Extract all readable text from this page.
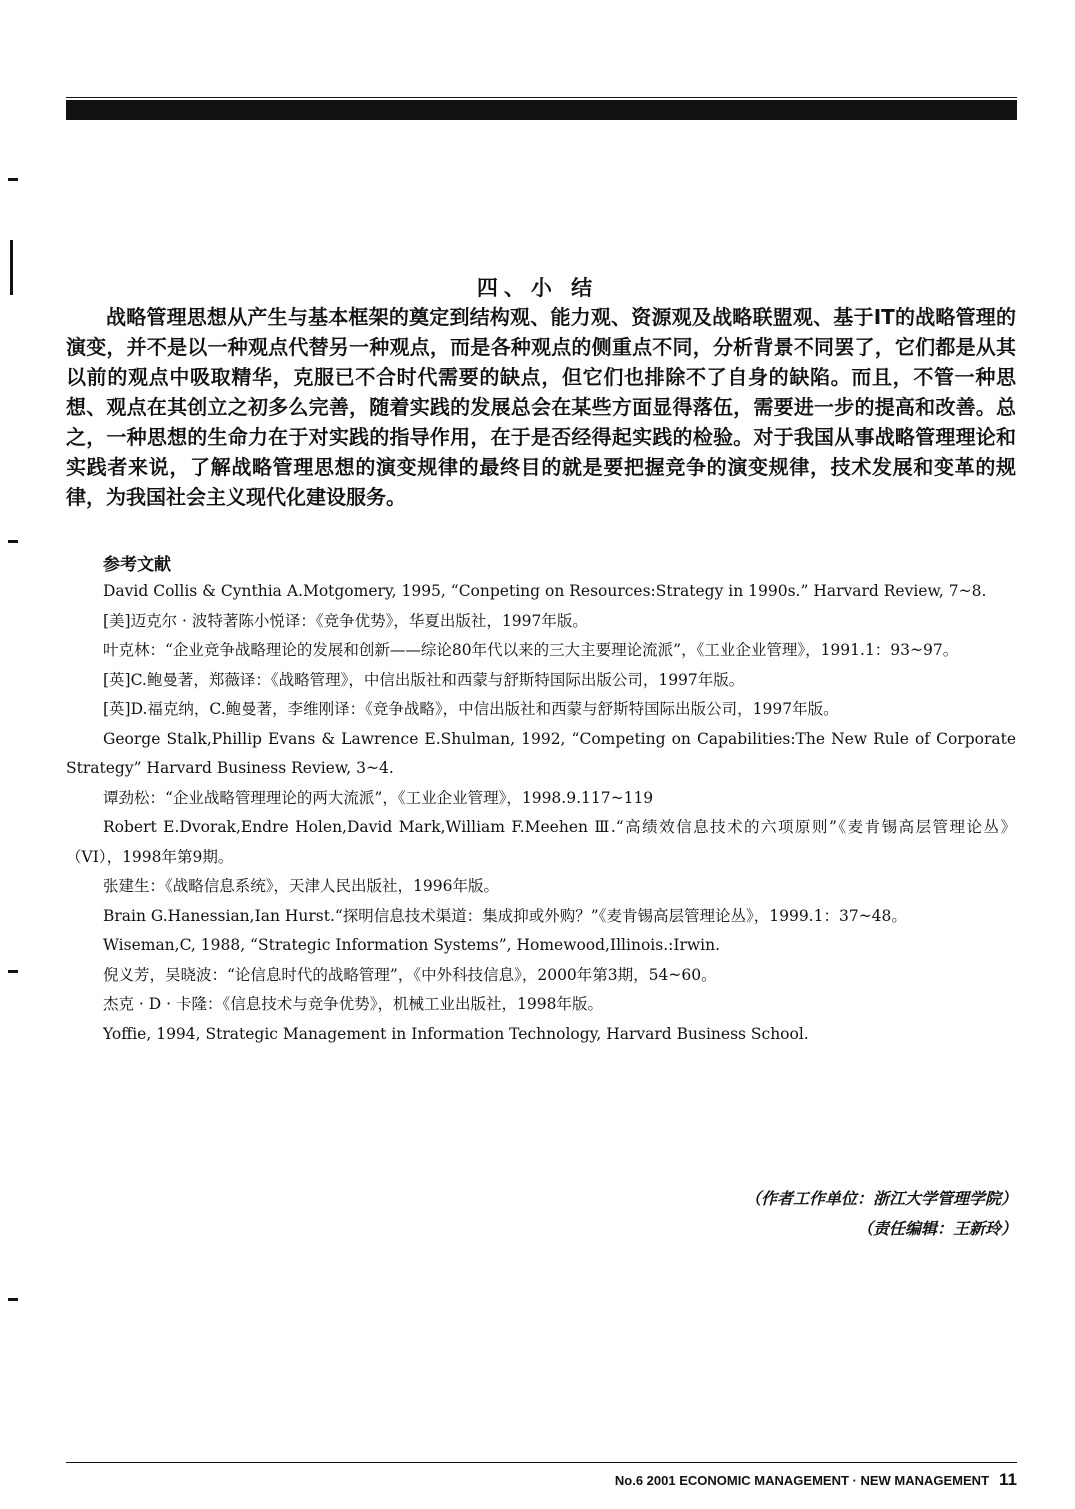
四、小 结

战略管理思想从产生与基本框架的奠定到结构观、能力观、资源观及战略联盟观、基于IT的战略管理的演变，并不是以一种观点代替另一种观点，而是各种观点的侧重点不同，分析背景不同罢了，它们都是从其以前的观点中吸取精华，克服已不合时代需要的缺点，但它们也排除不了自身的缺陷。而且，不管一种思想、观点在其创立之初多么完善，随着实践的发展总会在某些方面显得落伍，需要进一步的提高和改善。总之，一种思想的生命力在于对实践的指导作用，在于是否经得起实践的检验。对于我国从事战略管理理论和实践者来说，了解战略管理思想的演变规律的最终目的就是要把握竞争的演变规律，技术发展和变革的规律，为我国社会主义现代化建设服务。

参考文献

David Collis & Cynthia A.Motgomery, 1995, “Conpeting on Resources:Strategy in 1990s.” Harvard Review, 7~8.

[美]迈克尔 · 波特著陈小悦译：《竞争优势》，华夏出版社，1997年版。

叶克林：“企业竞争战略理论的发展和创新——综论80年代以来的三大主要理论流派”，《工业企业管理》，1991.1：93~97。

[英]C.鲍曼著，郑薇译：《战略管理》，中信出版社和西蒙与舒斯特国际出版公司，1997年版。

[英]D.福克纳，C.鲍曼著，李维刚译：《竞争战略》，中信出版社和西蒙与舒斯特国际出版公司，1997年版。

George Stalk,Phillip Evans & Lawrence E.Shulman, 1992, “Competing on Capabilities:The New Rule of Corporate Strategy” Harvard Business Review, 3~4.

谭劲松：“企业战略管理理论的两大流派”，《工业企业管理》，1998.9.117~119

Robert E.Dvorak,Endre Holen,David Mark,William F.Meehen Ⅲ.“高绩效信息技术的六项原则”《麦肯锡高层管理论丛》（VI），1998年第9期。

张建生：《战略信息系统》，天津人民出版社，1996年版。

Brain G.Hanessian,Ian Hurst.“探明信息技术渠道：集成抑或外购？”《麦肯锡高层管理论丛》，1999.1：37~48。

Wiseman,C, 1988, “Strategic Information Systems”, Homewood,Illinois.:Irwin.

倪义芳，吴晓波：“论信息时代的战略管理”，《中外科技信息》，2000年第3期，54~60。

杰克 · D · 卡隆：《信息技术与竞争优势》，机械工业出版社，1998年版。

Yoffie, 1994, Strategic Management in Information Technology, Harvard Business School.

（作者工作单位：浙江大学管理学院）
（责任编辑：王新玲）
No.6 2001 ECONOMIC MANAGEMENT · NEW MANAGEMENT 11
